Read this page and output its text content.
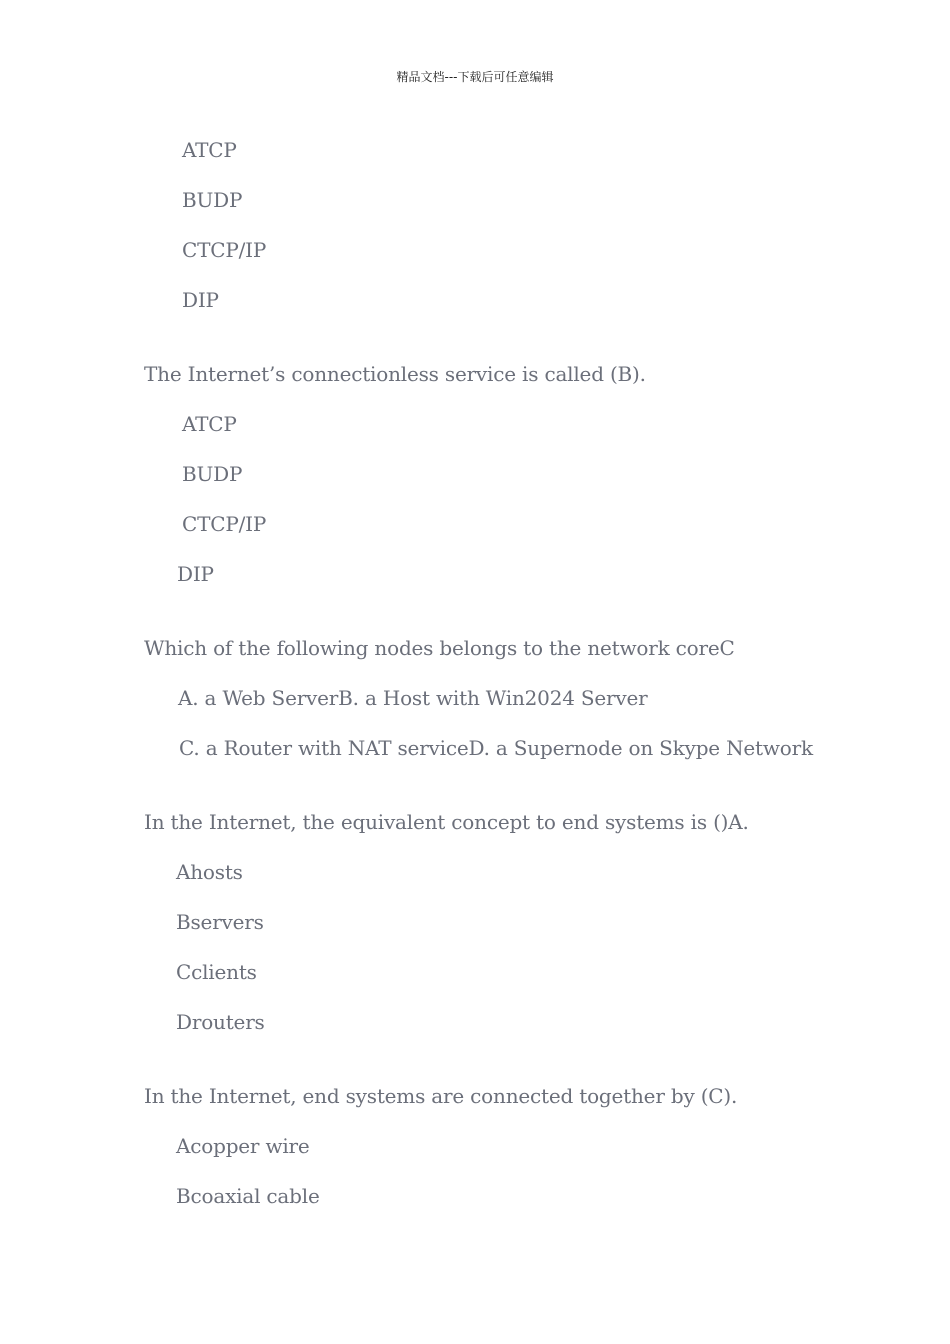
精品文档---下载后可任意编辑
ATCP
BUDP
CTCP/IP
DIP
The Internet’s connectionless service is called (B).
ATCP
BUDP
CTCP/IP
DIP
Which of the following nodes belongs to the network coreC
A. a Web ServerB. a Host with Win2024 Server
C. a Router with NAT serviceD. a Supernode on Skype Network
In the Internet, the equivalent concept to end systems is ()A.
Ahosts
Bservers
Cclients
Drouters
In the Internet, end systems are connected together by (C).
Acopper wire
Bcoaxial cable
